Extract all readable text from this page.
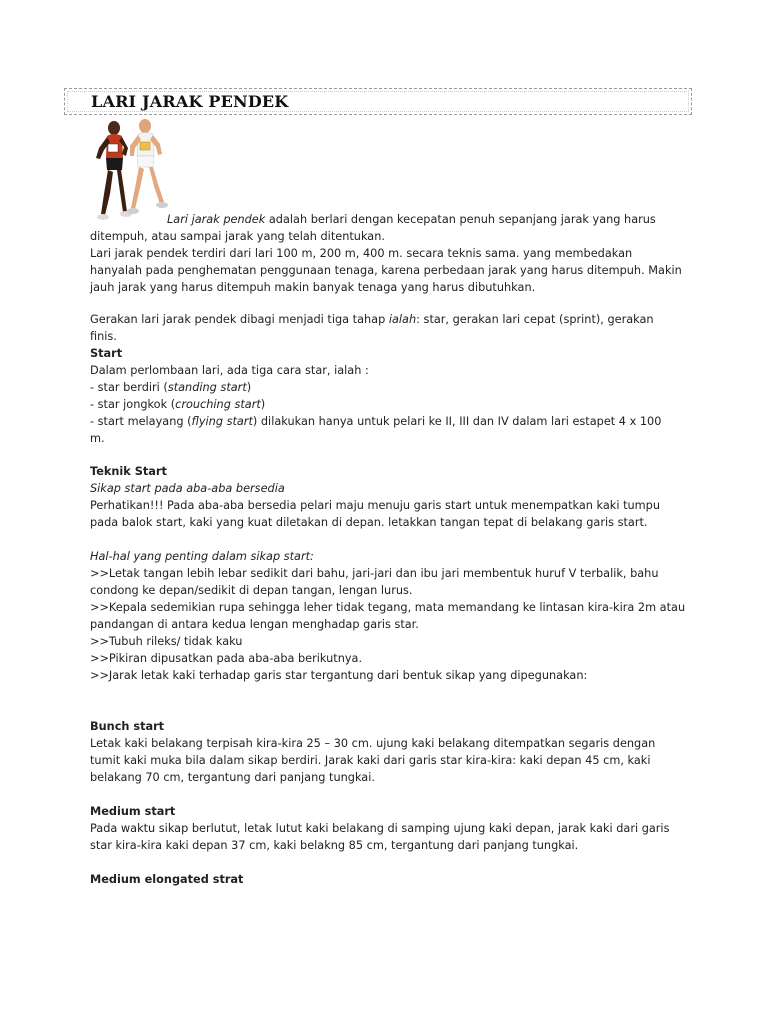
LARI JARAK PENDEK
Lari jarak pendek adalah berlari dengan kecepatan penuh sepanjang jarak yang harus
ditempuh, atau sampai jarak yang telah ditentukan.
Lari jarak pendek terdiri dari lari 100 m, 200 m, 400 m. secara teknis sama. yang membedakan
hanyalah pada penghematan penggunaan tenaga, karena perbedaan jarak yang harus ditempuh. Makin
jauh jarak yang harus ditempuh makin banyak tenaga yang harus dibutuhkan.
Gerakan lari jarak pendek dibagi menjadi tiga tahap ialah: star, gerakan lari cepat (sprint), gerakan
finis.
Start
Dalam perlombaan lari, ada tiga cara star, ialah :
- star berdiri (standing start)
- star jongkok (crouching start)
- start melayang (flying start) dilakukan hanya untuk pelari ke II, III dan IV dalam lari estapet 4 x 100
m.
Teknik Start
Sikap start pada aba-aba bersedia
Perhatikan!!! Pada aba-aba bersedia pelari maju menuju garis start untuk menempatkan kaki tumpu
pada balok start, kaki yang kuat diletakan di depan. letakkan tangan tepat di belakang garis start.
Hal-hal yang penting dalam sikap start:
>>Letak tangan lebih lebar sedikit dari bahu, jari-jari dan ibu jari membentuk huruf V terbalik, bahu
condong ke depan/sedikit di depan tangan, lengan lurus.
>>Kepala sedemikian rupa sehingga leher tidak tegang, mata memandang ke lintasan kira-kira 2m atau
pandangan di antara kedua lengan menghadap garis star.
>>Tubuh rileks/ tidak kaku
>>Pikiran dipusatkan pada aba-aba berikutnya.
>>Jarak letak kaki terhadap garis star tergantung dari bentuk sikap yang dipegunakan:
Bunch start
Letak kaki belakang terpisah kira-kira 25 – 30 cm. ujung kaki belakang ditempatkan segaris dengan
tumit kaki muka bila dalam sikap berdiri. Jarak kaki dari garis star kira-kira: kaki depan 45 cm, kaki
belakang 70 cm, tergantung dari panjang tungkai.
Medium start
Pada waktu sikap berlutut, letak lutut kaki belakang di samping ujung kaki depan, jarak kaki dari garis
star kira-kira kaki depan 37 cm, kaki belakng 85 cm, tergantung dari panjang tungkai.
Medium elongated strat
